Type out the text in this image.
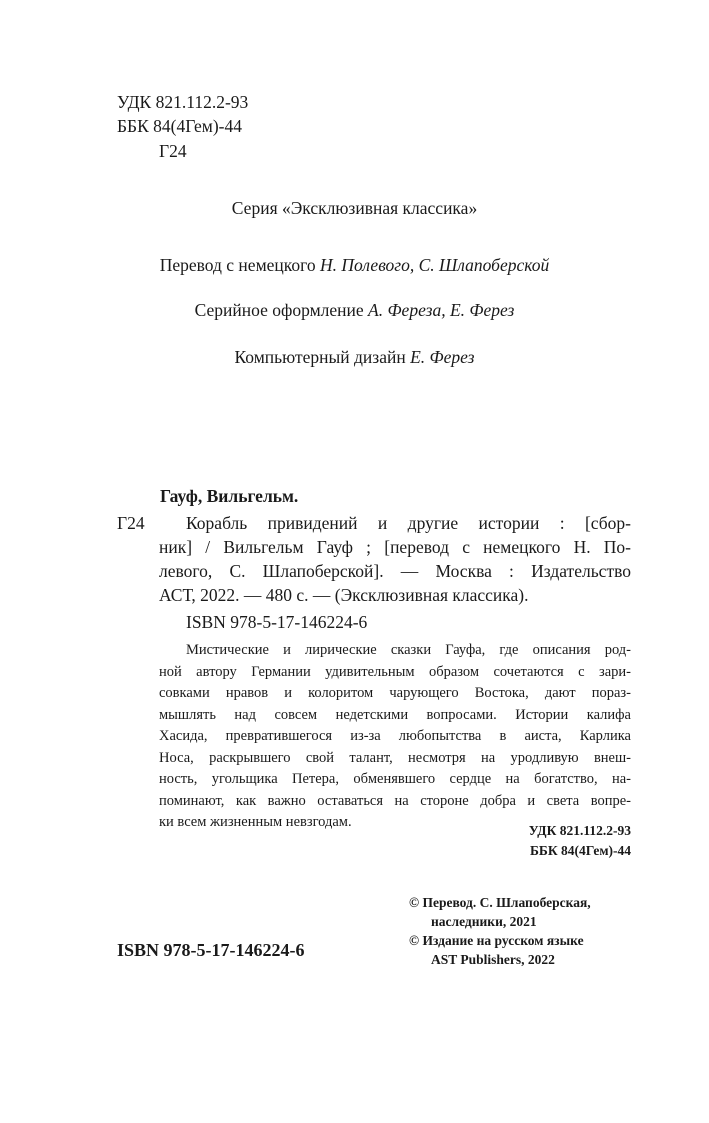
УДК 821.112.2-93
ББК 84(4Гем)-44
Г24
Серия «Эксклюзивная классика»
Перевод с немецкого Н. Полевого, С. Шлапоберской
Серийное оформление А. Фереза, Е. Ферез
Компьютерный дизайн Е. Ферез
Гауф, Вильгельм.
Г24	Корабль привидений и другие истории : [сбор-
ник] / Вильгельм Гауф ; [перевод с немецкого Н. По-
левого, С. Шлапоберской]. — Москва : Издательство
АСТ, 2022. — 480 с. — (Эксклюзивная классика).
ISBN 978-5-17-146224-6
Мистические и лирические сказки Гауфа, где описания род-
ной автору Германии удивительным образом сочетаются с зари-
совками нравов и колоритом чарующего Востока, дают пораз-
мышлять над совсем недетскими вопросами. Истории калифа
Хасида, превратившегося из-за любопытства в аиста, Карлика
Носа, раскрывшего свой талант, несмотря на уродливую внеш-
ность, угольщика Петера, обменявшего сердце на богатство, на-
поминают, как важно оставаться на стороне добра и света вопре-
ки всем жизненным невзгодам.
УДК 821.112.2-93
ББК 84(4Гем)-44
ISBN 978-5-17-146224-6
© Перевод. С. Шлапоберская,
наследники, 2021
© Издание на русском языке
AST Publishers, 2022
